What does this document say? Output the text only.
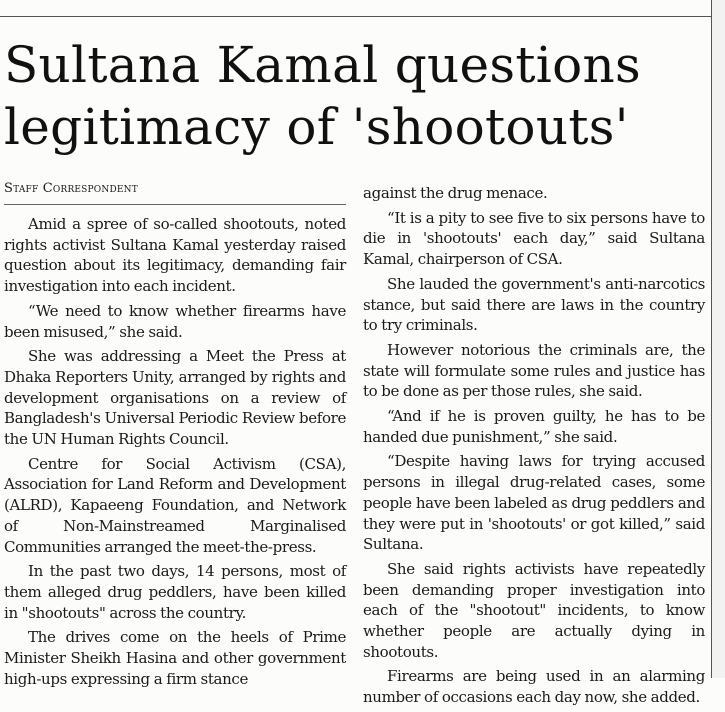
Sultana Kamal questions legitimacy of 'shootouts'
Staff Correspondent

Amid a spree of so-called shootouts, noted rights activist Sultana Kamal yesterday raised question about its legitimacy, demanding fair investigation into each incident.

“We need to know whether firearms have been misused,” she said.

She was addressing a Meet the Press at Dhaka Reporters Unity, arranged by rights and development organisations on a review of Bangladesh's Universal Periodic Review before the UN Human Rights Council.

Centre for Social Activism (CSA), Association for Land Reform and Development (ALRD), Kapaeeng Foundation, and Network of Non-Mainstreamed Marginalised Communities arranged the meet-the-press.

In the past two days, 14 persons, most of them alleged drug peddlers, have been killed in "shootouts" across the country.

The drives come on the heels of Prime Minister Sheikh Hasina and other government high-ups expressing a firm stance

against the drug menace.

“It is a pity to see five to six persons have to die in 'shootouts' each day,” said Sultana Kamal, chairperson of CSA.

She lauded the government's anti-narcotics stance, but said there are laws in the country to try criminals.

However notorious the criminals are, the state will formulate some rules and justice has to be done as per those rules, she said.

“And if he is proven guilty, he has to be handed due punishment,” she said.

“Despite having laws for trying accused persons in illegal drug-related cases, some people have been labeled as drug peddlers and they were put in 'shootouts' or got killed,” said Sultana.

She said rights activists have repeatedly been demanding proper investigation into each of the "shootout" incidents, to know whether people are actually dying in shootouts.

Firearms are being used in an alarming number of occasions each day now, she added.
